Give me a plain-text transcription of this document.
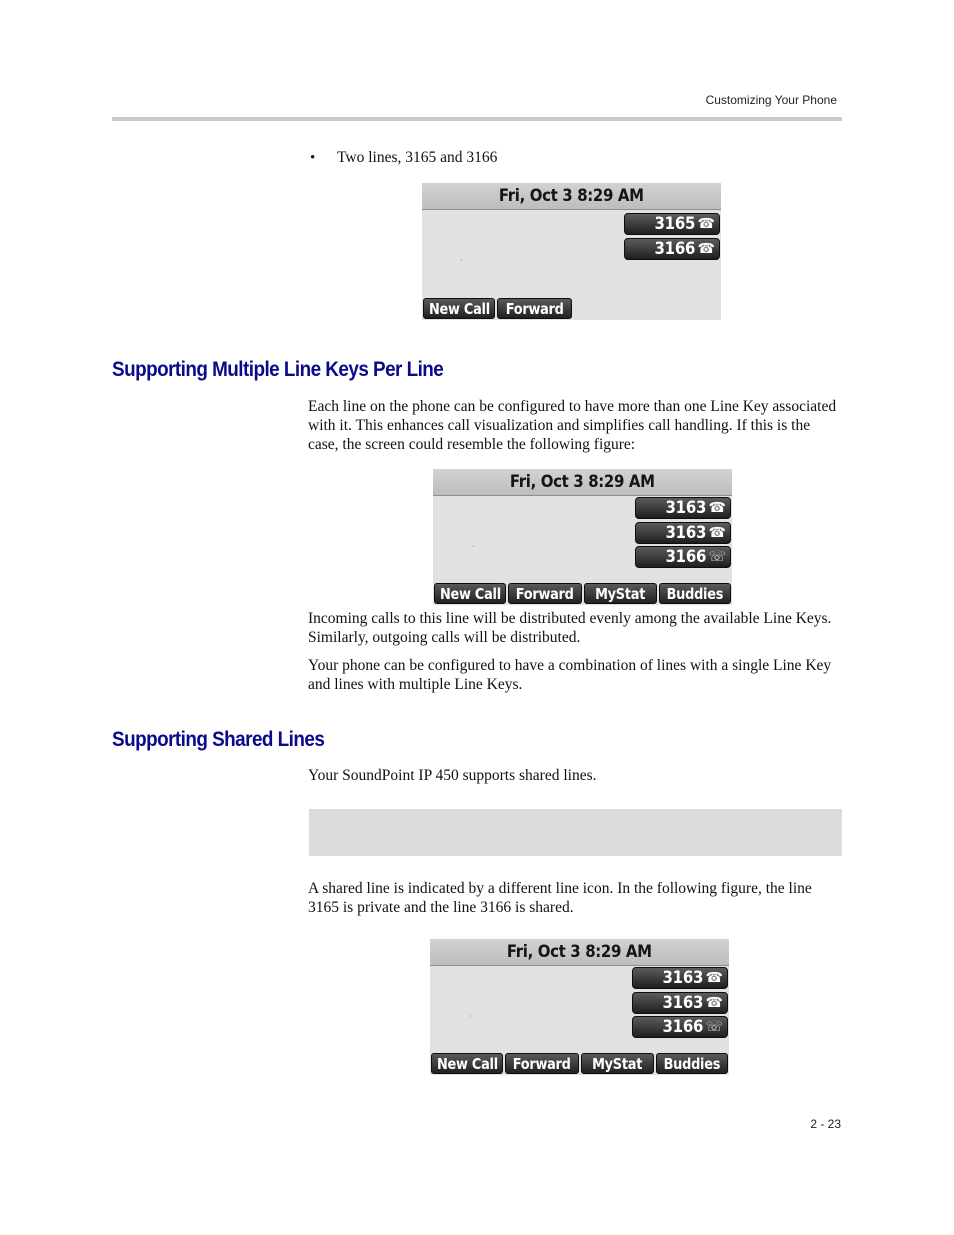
Customizing Your Phone
• Two lines, 3165 and 3166
Fri, Oct 3 8:29 AM
3165 ☎
3166 ☎
New Call Forward
Supporting Multiple Line Keys Per Line
Each line on the phone can be configured to have more than one Line Key associated with it. This enhances call visualization and simplifies call handling. If this is the case, the screen could resemble the following figure:
Fri, Oct 3 8:29 AM
3163 ☎
3163 ☎
3166 ☏
New Call Forward MyStat Buddies
Incoming calls to this line will be distributed evenly among the available Line Keys. Similarly, outgoing calls will be distributed.
Your phone can be configured to have a combination of lines with a single Line Key and lines with multiple Line Keys.
Supporting Shared Lines
Your SoundPoint IP 450 supports shared lines.
A shared line is indicated by a different line icon. In the following figure, the line 3165 is private and the line 3166 is shared.
Fri, Oct 3 8:29 AM
3163 ☎
3163 ☎
3166 ☏
New Call Forward MyStat Buddies
2 - 23
